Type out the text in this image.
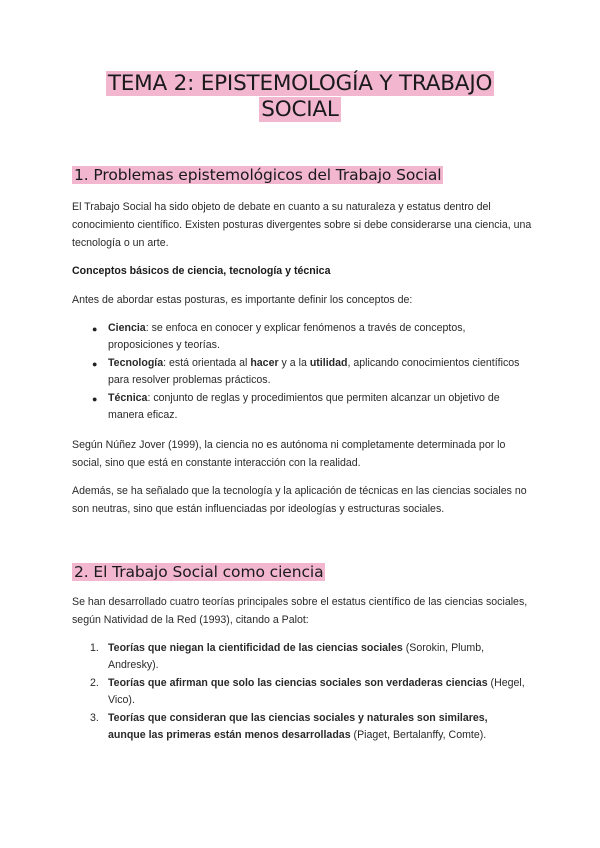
TEMA 2: EPISTEMOLOGÍA Y TRABAJO
SOCIAL
1. Problemas epistemológicos del Trabajo Social
El Trabajo Social ha sido objeto de debate en cuanto a su naturaleza y estatus dentro del conocimiento científico. Existen posturas divergentes sobre si debe considerarse una ciencia, una tecnología o un arte.
Conceptos básicos de ciencia, tecnología y técnica
Antes de abordar estas posturas, es importante definir los conceptos de:
● Ciencia: se enfoca en conocer y explicar fenómenos a través de conceptos, proposiciones y teorías.
● Tecnología: está orientada al hacer y a la utilidad, aplicando conocimientos científicos para resolver problemas prácticos.
● Técnica: conjunto de reglas y procedimientos que permiten alcanzar un objetivo de manera eficaz.
Según Núñez Jover (1999), la ciencia no es autónoma ni completamente determinada por lo social, sino que está en constante interacción con la realidad.
Además, se ha señalado que la tecnología y la aplicación de técnicas en las ciencias sociales no son neutras, sino que están influenciadas por ideologías y estructuras sociales.
2. El Trabajo Social como ciencia
Se han desarrollado cuatro teorías principales sobre el estatus científico de las ciencias sociales, según Natividad de la Red (1993), citando a Palot:
1. Teorías que niegan la cientificidad de las ciencias sociales (Sorokin, Plumb, Andresky).
2. Teorías que afirman que solo las ciencias sociales son verdaderas ciencias (Hegel, Vico).
3. Teorías que consideran que las ciencias sociales y naturales son similares, aunque las primeras están menos desarrolladas (Piaget, Bertalanffy, Comte).
